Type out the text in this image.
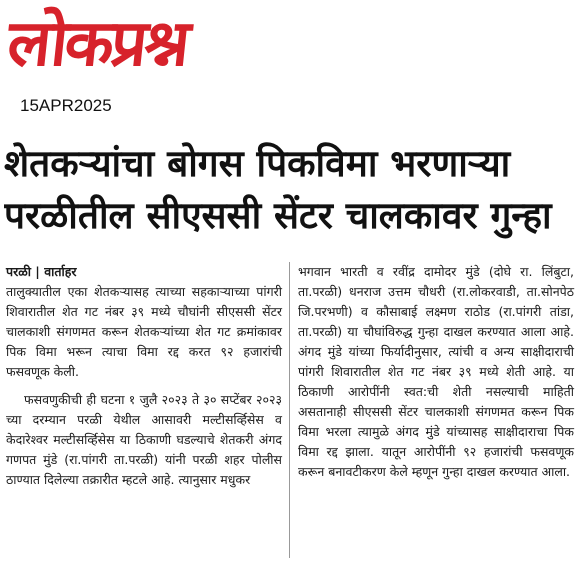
लोकप्रश्न
15APR2025
शेतकऱ्यांचा बोगस पिकविमा भरणाऱ्या
परळीतील सीएससी सेंटर चालकावर गुन्हा

परळी | वार्ताहर

तालुक्यातील एका शेतकऱ्यासह त्याच्या सहकाऱ्याच्या पांगरी शिवारातील शेत गट नंबर ३९ मध्ये चौघांनी सीएससी सेंटर चालकाशी संगणमत करून शेतकऱ्यांच्या शेत गट क्रमांकावर पिक विमा भरून त्याचा विमा रद्द करत ९२ हजारांची फसवणूक केली.

फसवणुकीची ही घटना १ जुलै २०२३ ते ३० सप्टेंबर २०२३ च्या दरम्यान परळी येथील आसावरी मल्टीसर्व्हिसेस व केदारेश्वर मल्टीसर्व्हिसेस या ठिकाणी घडल्याचे शेतकरी अंगद गणपत मुंडे (रा.पांगरी ता.परळी) यांनी परळी शहर पोलीस ठाण्यात दिलेल्या तक्रारीत म्हटले आहे. त्यानुसार मधुकर

भगवान भारती व रवींद्र दामोदर मुंडे (दोघे रा. लिंबुटा, ता.परळी) धनराज उत्तम चौधरी (रा.लोकरवाडी, ता.सोनपेठ जि.परभणी) व कौसाबाई लक्ष्मण राठोड (रा.पांगरी तांडा, ता.परळी) या चौघांविरुद्ध गुन्हा दाखल करण्यात आला आहे. अंगद मुंडे यांच्या फिर्यादीनुसार, त्यांची व अन्य साक्षीदाराची पांगरी शिवारातील शेत गट नंबर ३९ मध्ये शेती आहे. या ठिकाणी आरोपींनी स्वत:ची शेती नसल्याची माहिती असतानाही सीएससी सेंटर चालकाशी संगणमत करून पिक विमा भरला त्यामुळे अंगद मुंडे यांच्यासह साक्षीदाराचा पिक विमा रद्द झाला. यातून आरोपींनी ९२ हजारांची फसवणूक करून बनावटीकरण केले म्हणून गुन्हा दाखल करण्यात आला.
